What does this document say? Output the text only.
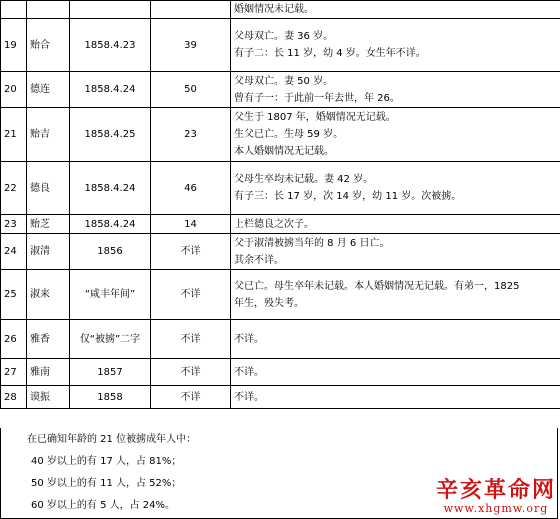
				婚姻情况未记载。

19	贻合	1858.4.23	39	父母双亡。妻 36 岁。
有子二：长 11 岁，幼 4 岁。女生年不详。

20	德连	1858.4.24	50	父母双亡。妻 50 岁。
曾有子一：于此前一年去世，年 26。

21	贻吉	1858.4.25	23	父生于 1807 年，婚姻情况无记载。
生父已亡。生母 59 岁。
本人婚姻情况无记载。

22	德良	1858.4.24	46	父母生卒均未记载。妻 42 岁。
有子三：长 17 岁，次 14 岁，幼 11 岁。次被掳。

23	贻芝	1858.4.24	14	上栏德良之次子。

24	淑清	1856	不详	父于淑清被掳当年的 8 月 6 日亡。
其余不详。

25	淑来	“咸丰年间”	不详	父已亡。母生卒年未记载。本人婚姻情况无记载。有弟一，1825
年生，殁失考。

26	雅香	仅“被掳”二字	不详	不详。

27	雅南	1857	不详	不详。

28	谟振	1858	不详	不详。
在已确知年龄的 21 位被掳成年人中：
40 岁以上的有 17 人，占 81%；
50 岁以上的有 11 人，占 52%；
60 岁以上的有 5 人，占 24%。
辛亥革命网
www.xhgmw.org
